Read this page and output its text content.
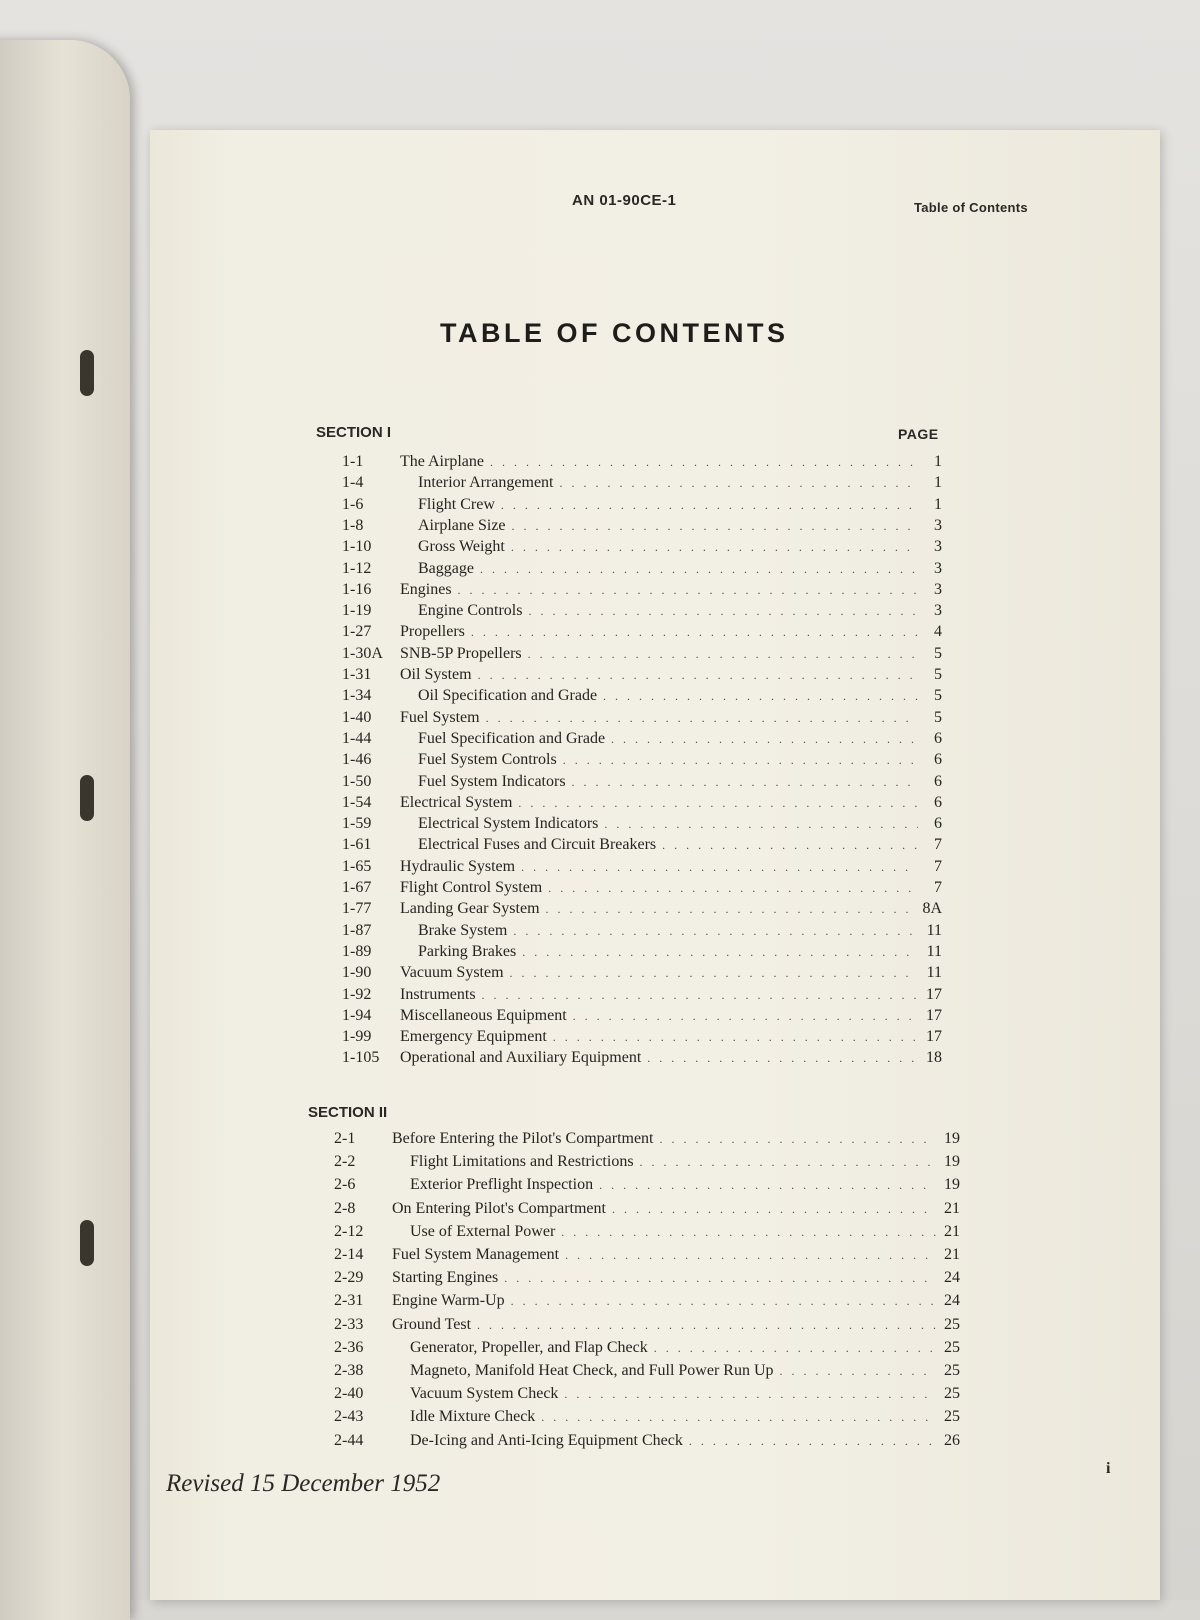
AN 01-90CE-1	Table of Contents
TABLE OF CONTENTS
SECTION I	PAGE
1-1	The Airplane . . .	1
1-4	Interior Arrangement . . .	1
1-6	Flight Crew . . .	1
1-8	Airplane Size . . .	3
1-10	Gross Weight . . .	3
1-12	Baggage . . .	3
1-16	Engines . . .	3
1-19	Engine Controls . . .	3
1-27	Propellers . . .	4
1-30A	SNB-5P Propellers . . .	5
1-31	Oil System . . .	5
1-34	Oil Specification and Grade . . .	5
1-40	Fuel System . . .	5
1-44	Fuel Specification and Grade . . .	6
1-46	Fuel System Controls . . .	6
1-50	Fuel System Indicators . . .	6
1-54	Electrical System . . .	6
1-59	Electrical System Indicators . . .	6
1-61	Electrical Fuses and Circuit Breakers . . .	7
1-65	Hydraulic System . . .	7
1-67	Flight Control System . . .	7
1-77	Landing Gear System . . .	8A
1-87	Brake System . . .	11
1-89	Parking Brakes . . .	11
1-90	Vacuum System . . .	11
1-92	Instruments . . .	17
1-94	Miscellaneous Equipment . . .	17
1-99	Emergency Equipment . . .	17
1-105	Operational and Auxiliary Equipment . . .	18
SECTION II
2-1	Before Entering the Pilot's Compartment . . .	19
2-2	Flight Limitations and Restrictions . . .	19
2-6	Exterior Preflight Inspection . . .	19
2-8	On Entering Pilot's Compartment . . .	21
2-12	Use of External Power . . .	21
2-14	Fuel System Management . . .	21
2-29	Starting Engines . . .	24
2-31	Engine Warm-Up . . .	24
2-33	Ground Test . . .	25
2-36	Generator, Propeller, and Flap Check . . .	25
2-38	Magneto, Manifold Heat Check, and Full Power Run Up . . .	25
2-40	Vacuum System Check . . .	25
2-43	Idle Mixture Check . . .	25
2-44	De-Icing and Anti-Icing Equipment Check . . .	26
Revised 15 December 1952
i
